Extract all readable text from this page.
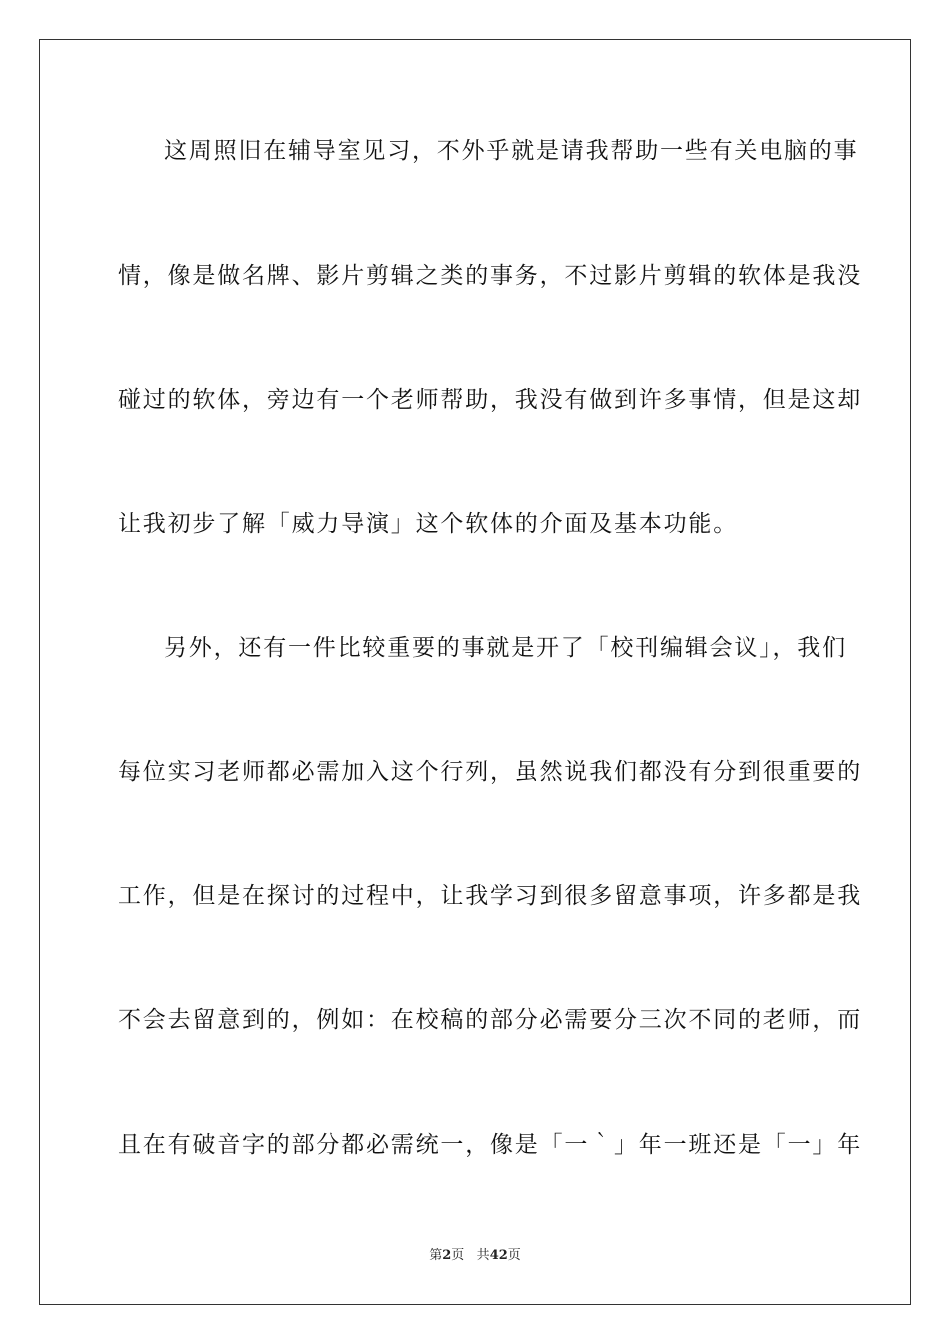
这周照旧在辅导室见习，不外乎就是请我帮助一些有关电脑的事
情，像是做名牌、影片剪辑之类的事务，不过影片剪辑的软体是我没
碰过的软体，旁边有一个老师帮助，我没有做到许多事情，但是这却
让我初步了解「威力导演」这个软体的介面及基本功能。
另外，还有一件比较重要的事就是开了「校刊编辑会议」，我们
每位实习老师都必需加入这个行列，虽然说我们都没有分到很重要的
工作，但是在探讨的过程中，让我学习到很多留意事项，许多都是我
不会去留意到的，例如：在校稿的部分必需要分三次不同的老师，而
且在有破音字的部分都必需统一，像是「一｀」年一班还是「一」年
第2页 共42页
